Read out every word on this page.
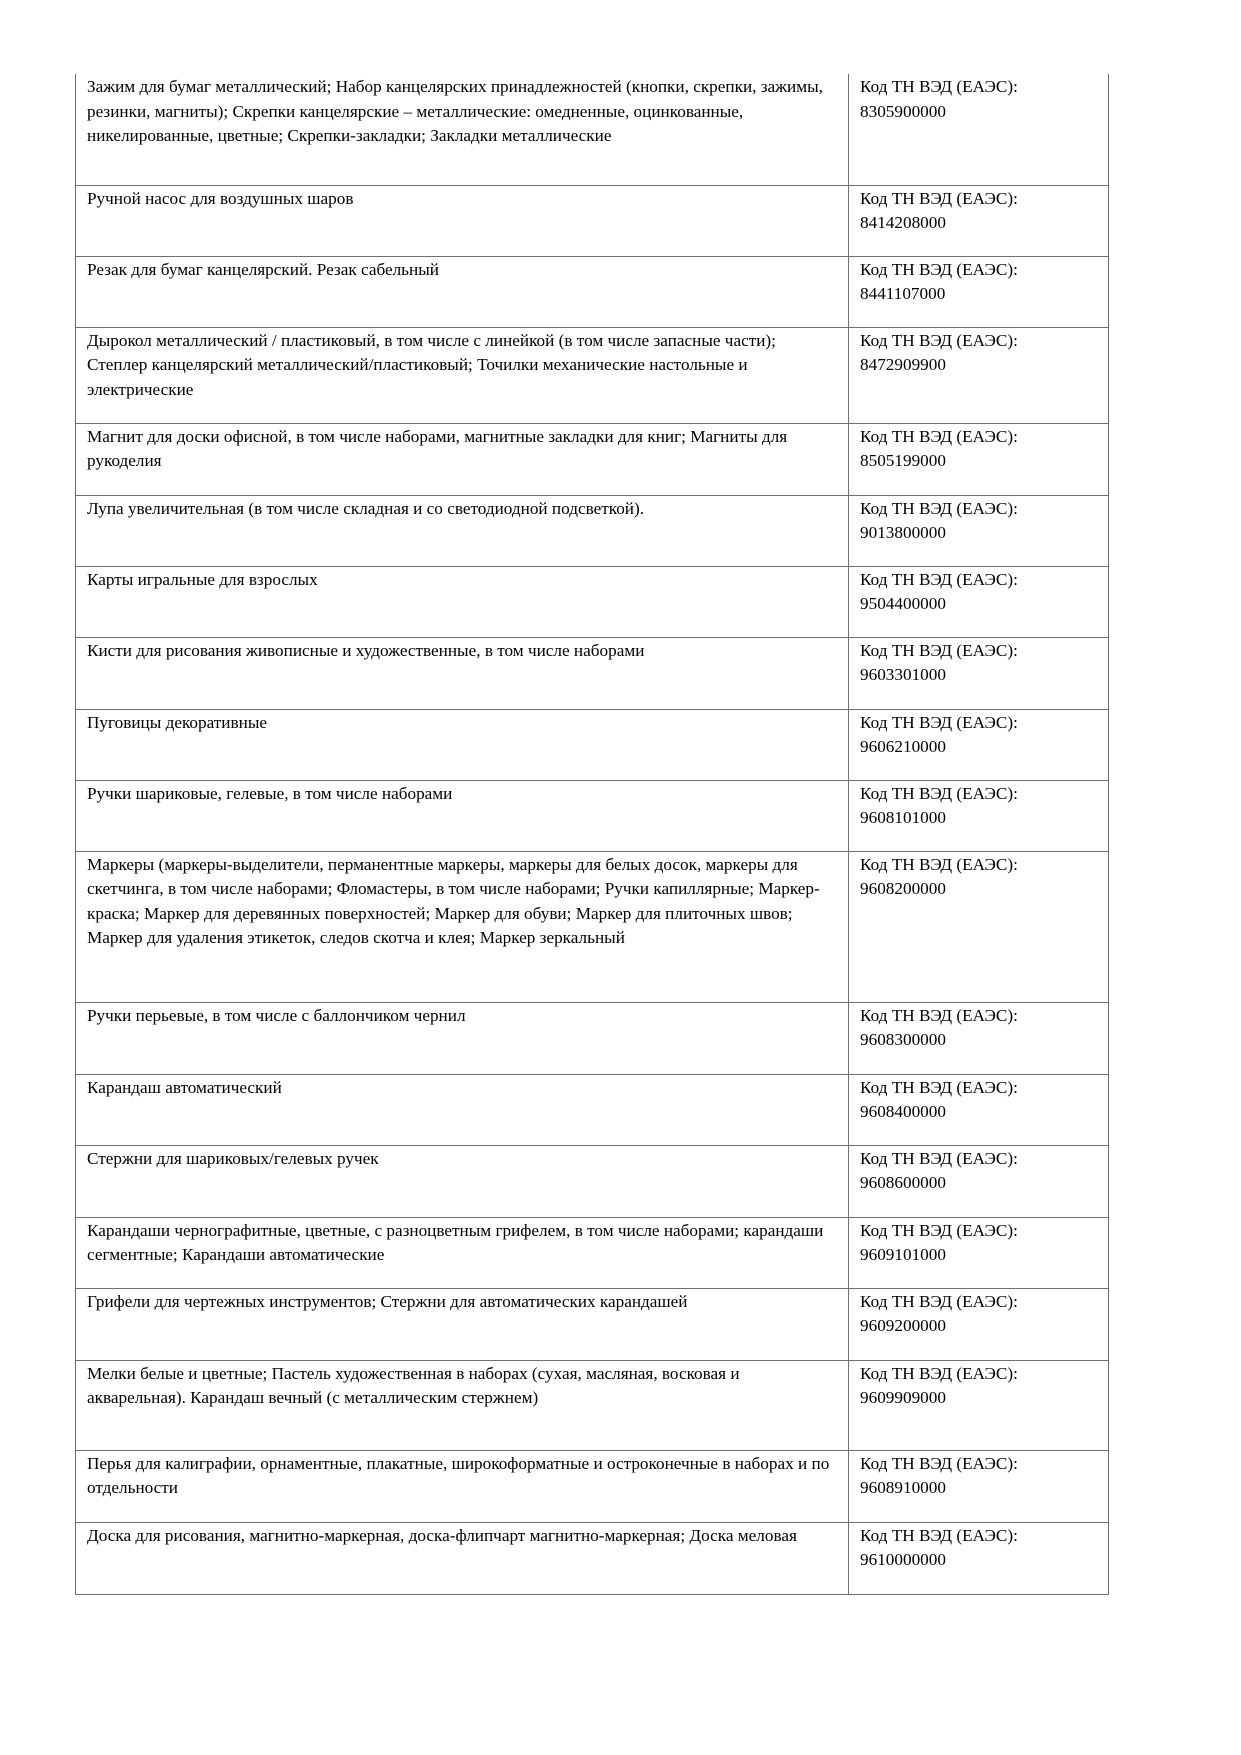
Зажим для бумаг металлический; Набор канцелярских принадлежностей (кнопки, скрепки, зажимы, резинки, магниты); Скрепки канцелярские – металлические: омедненные, оцинкованные, никелированные, цветные; Скрепки-закладки; Закладки металлические	Код ТН ВЭД (ЕАЭС):
8305900000

Ручной насос для воздушных шаров	Код ТН ВЭД (ЕАЭС):
8414208000

Резак для бумаг канцелярский. Резак сабельный	Код ТН ВЭД (ЕАЭС):
8441107000

Дырокол металлический / пластиковый, в том числе с линейкой (в том числе запасные части); Степлер канцелярский металлический/пластиковый; Точилки механические настольные и электрические	Код ТН ВЭД (ЕАЭС):
8472909900

Магнит для доски офисной, в том числе наборами, магнитные закладки для книг; Магниты для рукоделия	Код ТН ВЭД (ЕАЭС):
8505199000

Лупа увеличительная (в том числе складная и со светодиодной подсветкой).	Код ТН ВЭД (ЕАЭС):
9013800000

Карты игральные для взрослых	Код ТН ВЭД (ЕАЭС):
9504400000

Кисти для рисования живописные и художественные, в том числе наборами	Код ТН ВЭД (ЕАЭС):
9603301000

Пуговицы декоративные	Код ТН ВЭД (ЕАЭС):
9606210000

Ручки шариковые, гелевые, в том числе наборами	Код ТН ВЭД (ЕАЭС):
9608101000

Маркеры (маркеры-выделители, перманентные маркеры, маркеры для белых досок, маркеры для скетчинга, в том числе наборами; Фломастеры, в том числе наборами; Ручки капиллярные; Маркер-краска; Маркер для деревянных поверхностей; Маркер для обуви; Маркер для плиточных швов; Маркер для удаления этикеток, следов скотча и клея; Маркер зеркальный	Код ТН ВЭД (ЕАЭС):
9608200000

Ручки перьевые, в том числе с баллончиком чернил	Код ТН ВЭД (ЕАЭС):
9608300000

Карандаш автоматический	Код ТН ВЭД (ЕАЭС):
9608400000

Стержни для шариковых/гелевых ручек	Код ТН ВЭД (ЕАЭС):
9608600000

Карандаши чернографитные, цветные, с разноцветным грифелем, в том числе наборами; карандаши сегментные; Карандаши автоматические	Код ТН ВЭД (ЕАЭС):
9609101000

Грифели для чертежных инструментов; Стержни для автоматических карандашей	Код ТН ВЭД (ЕАЭС):
9609200000

Мелки белые и цветные; Пастель художественная в наборах (сухая, масляная, восковая и акварельная). Карандаш вечный (с металлическим стержнем)	Код ТН ВЭД (ЕАЭС):
9609909000

Перья для калиграфии, орнаментные, плакатные, широкоформатные и остроконечные в наборах и по отдельности	Код ТН ВЭД (ЕАЭС):
9608910000

Доска для рисования, магнитно-маркерная, доска-флипчарт магнитно-маркерная; Доска меловая	Код ТН ВЭД (ЕАЭС):
9610000000
